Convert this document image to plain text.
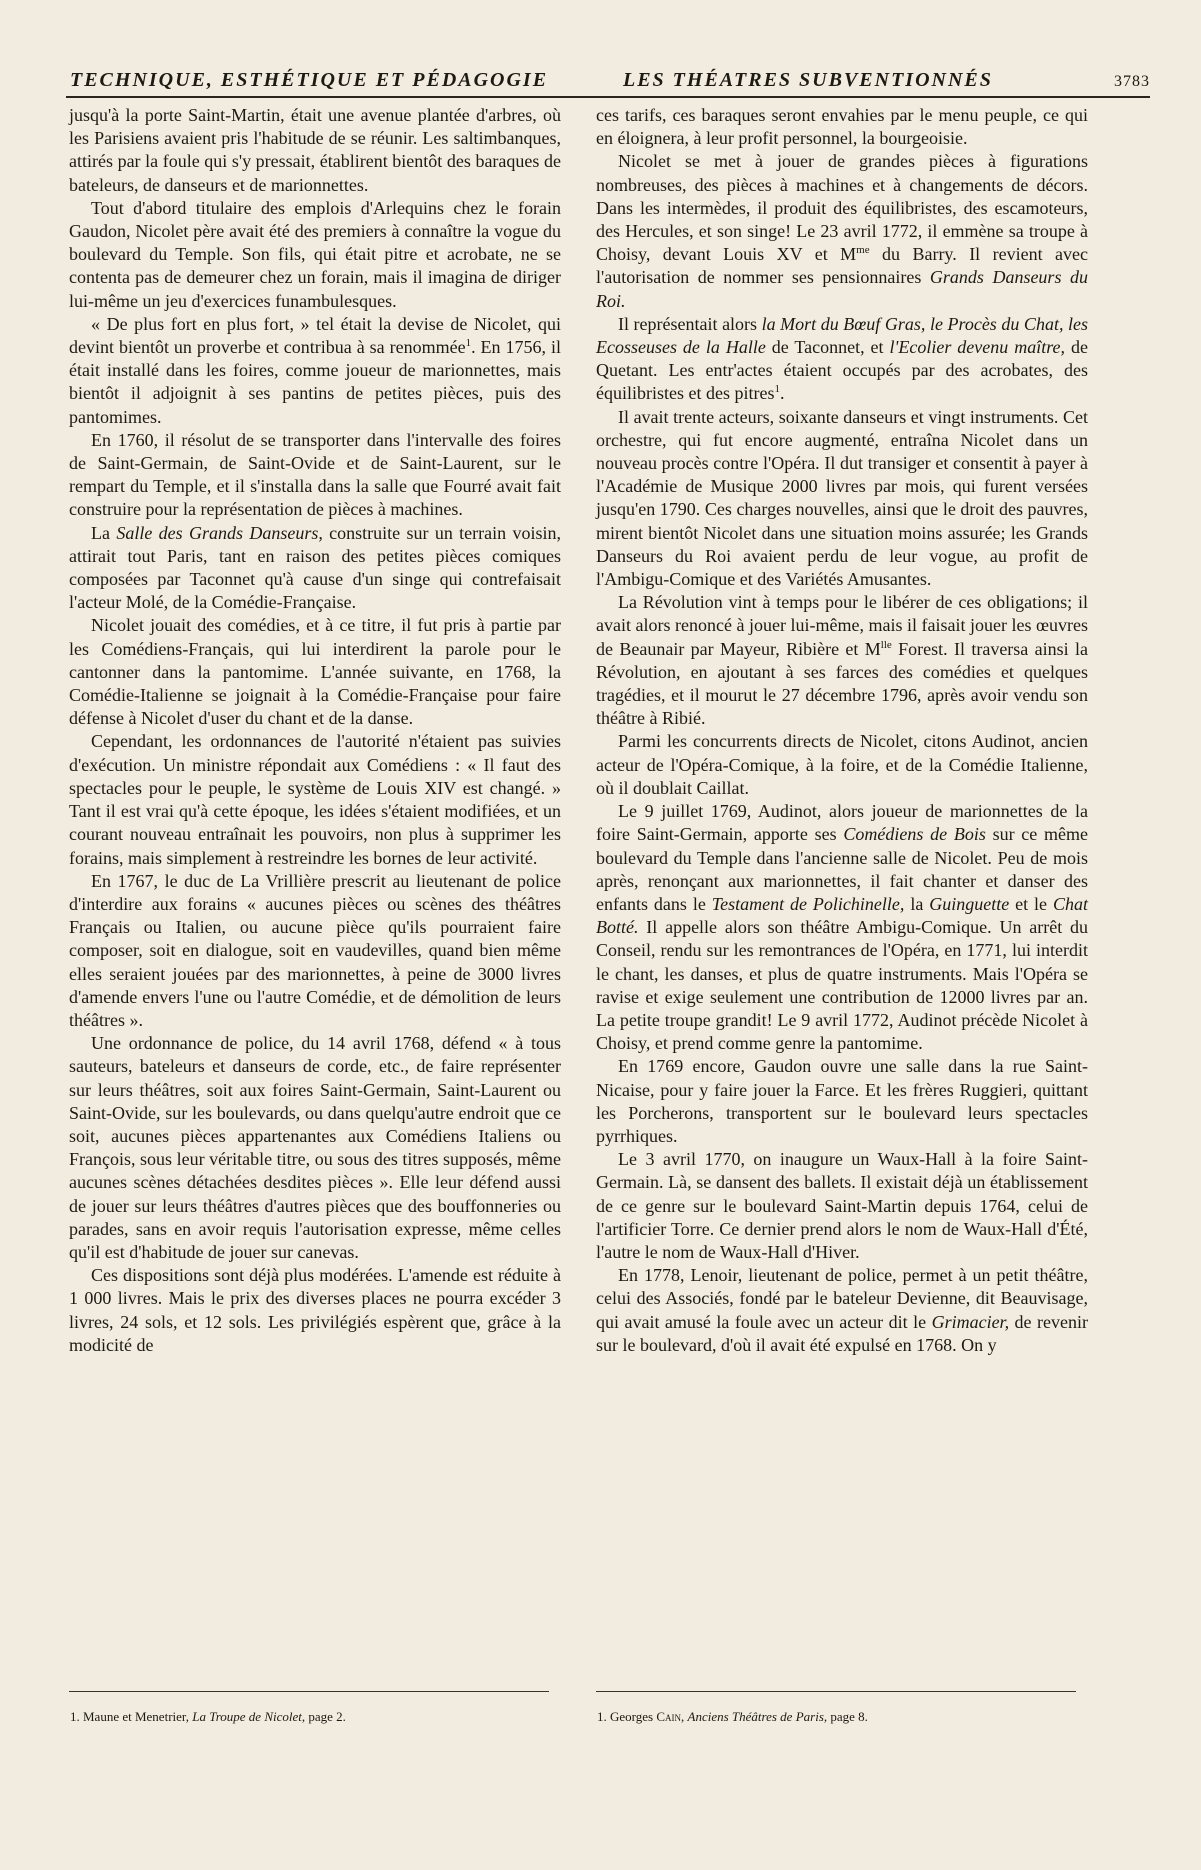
TECHNIQUE, ESTHÉTIQUE ET PÉDAGOGIE	LES THÉATRES SUBVENTIONNÉS	3783

jusqu'à la porte Saint-Martin, était une avenue plantée d'arbres, où les Parisiens avaient pris l'habitude de se réunir. Les saltimbanques, attirés par la foule qui s'y pressait, établirent bientôt des baraques de bateleurs, de danseurs et de marionnettes.

Tout d'abord titulaire des emplois d'Arlequins chez le forain Gaudon, Nicolet père avait été des premiers à connaître la vogue du boulevard du Temple. Son fils, qui était pitre et acrobate, ne se contenta pas de demeurer chez un forain, mais il imagina de diriger lui-même un jeu d'exercices funambulesques.

« De plus fort en plus fort, » tel était la devise de Nicolet, qui devint bientôt un proverbe et contribua à sa renommée$^1$. En 1756, il était installé dans les foires, comme joueur de marionnettes, mais bientôt il adjoignit à ses pantins de petites pièces, puis des pantomimes.

En 1760, il résolut de se transporter dans l'intervalle des foires de Saint-Germain, de Saint-Ovide et de Saint-Laurent, sur le rempart du Temple, et il s'installa dans la salle que Fourré avait fait construire pour la représentation de pièces à machines.

La Salle des Grands Danseurs, construite sur un terrain voisin, attirait tout Paris, tant en raison des petites pièces comiques composées par Taconnet qu'à cause d'un singe qui contrefaisait l'acteur Molé, de la Comédie-Française.

Nicolet jouait des comédies, et à ce titre, il fut pris à partie par les Comédiens-Français, qui lui interdirent la parole pour le cantonner dans la pantomime. L'année suivante, en 1768, la Comédie-Italienne se joignait à la Comédie-Française pour faire défense à Nicolet d'user du chant et de la danse.

Cependant, les ordonnances de l'autorité n'étaient pas suivies d'exécution. Un ministre répondait aux Comédiens : « Il faut des spectacles pour le peuple, le système de Louis XIV est changé. » Tant il est vrai qu'à cette époque, les idées s'étaient modifiées, et un courant nouveau entraînait les pouvoirs, non plus à supprimer les forains, mais simplement à restreindre les bornes de leur activité.

En 1767, le duc de La Vrillière prescrit au lieutenant de police d'interdire aux forains « aucunes pièces ou scènes des théâtres Français ou Italien, ou aucune pièce qu'ils pourraient faire composer, soit en dialogue, soit en vaudevilles, quand bien même elles seraient jouées par des marionnettes, à peine de 3000 livres d'amende envers l'une ou l'autre Comédie, et de démolition de leurs théâtres ».

Une ordonnance de police, du 14 avril 1768, défend « à tous sauteurs, bateleurs et danseurs de corde, etc., de faire représenter sur leurs théâtres, soit aux foires Saint-Germain, Saint-Laurent ou Saint-Ovide, sur les boulevards, ou dans quelqu'autre endroit que ce soit, aucunes pièces appartenantes aux Comédiens Italiens ou François, sous leur véritable titre, ou sous des titres supposés, même aucunes scènes détachées desdites pièces ». Elle leur défend aussi de jouer sur leurs théâtres d'autres pièces que des bouffonneries ou parades, sans en avoir requis l'autorisation expresse, même celles qu'il est d'habitude de jouer sur canevas.

Ces dispositions sont déjà plus modérées. L'amende est réduite à 1 000 livres. Mais le prix des diverses places ne pourra excéder 3 livres, 24 sols, et 12 sols. Les privilégiés espèrent que, grâce à la modicité de

ces tarifs, ces baraques seront envahies par le menu peuple, ce qui en éloignera, à leur profit personnel, la bourgeoisie.

Nicolet se met à jouer de grandes pièces à figurations nombreuses, des pièces à machines et à changements de décors. Dans les intermèdes, il produit des équilibristes, des escamoteurs, des Hercules, et son singe! Le 23 avril 1772, il emmène sa troupe à Choisy, devant Louis XV et $M^{me}$ du Barry. Il revient avec l'autorisation de nommer ses pensionnaires Grands Danseurs du Roi.

Il représentait alors la Mort du Bœuf Gras, le Procès du Chat, les Ecosseuses de la Halle de Taconnet, et l'Ecolier devenu maître, de Quetant. Les entr'actes étaient occupés par des acrobates, des équilibristes et des pitres$^1$.

Il avait trente acteurs, soixante danseurs et vingt instruments. Cet orchestre, qui fut encore augmenté, entraîna Nicolet dans un nouveau procès contre l'Opéra. Il dut transiger et consentit à payer à l'Académie de Musique 2000 livres par mois, qui furent versées jusqu'en 1790. Ces charges nouvelles, ainsi que le droit des pauvres, mirent bientôt Nicolet dans une situation moins assurée; les Grands Danseurs du Roi avaient perdu de leur vogue, au profit de l'Ambigu-Comique et des Variétés Amusantes.

La Révolution vint à temps pour le libérer de ces obligations; il avait alors renoncé à jouer lui-même, mais il faisait jouer les œuvres de Beaunair par Mayeur, Ribière et $M^{lle}$ Forest. Il traversa ainsi la Révolution, en ajoutant à ses farces des comédies et quelques tragédies, et il mourut le 27 décembre 1796, après avoir vendu son théâtre à Ribié.

Parmi les concurrents directs de Nicolet, citons Audinot, ancien acteur de l'Opéra-Comique, à la foire, et de la Comédie Italienne, où il doublait Caillat.

Le 9 juillet 1769, Audinot, alors joueur de marionnettes de la foire Saint-Germain, apporte ses Comédiens de Bois sur ce même boulevard du Temple dans l'ancienne salle de Nicolet. Peu de mois après, renonçant aux marionnettes, il fait chanter et danser des enfants dans le Testament de Polichinelle, la Guinguette et le Chat Botté. Il appelle alors son théâtre Ambigu-Comique. Un arrêt du Conseil, rendu sur les remontrances de l'Opéra, en 1771, lui interdit le chant, les danses, et plus de quatre instruments. Mais l'Opéra se ravise et exige seulement une contribution de 12000 livres par an. La petite troupe grandit! Le 9 avril 1772, Audinot précède Nicolet à Choisy, et prend comme genre la pantomime.

En 1769 encore, Gaudon ouvre une salle dans la rue Saint-Nicaise, pour y faire jouer la Farce. Et les frères Ruggieri, quittant les Porcherons, transportent sur le boulevard leurs spectacles pyrrhiques.

Le 3 avril 1770, on inaugure un Waux-Hall à la foire Saint-Germain. Là, se dansent des ballets. Il existait déjà un établissement de ce genre sur le boulevard Saint-Martin depuis 1764, celui de l'artificier Torre. Ce dernier prend alors le nom de Waux-Hall d'Été, l'autre le nom de Waux-Hall d'Hiver.

En 1778, Lenoir, lieutenant de police, permet à un petit théâtre, celui des Associés, fondé par le bateleur Devienne, dit Beauvisage, qui avait amusé la foule avec un acteur dit le Grimacier, de revenir sur le boulevard, d'où il avait été expulsé en 1768. On y

1. Maune et Menetrier, La Troupe de Nicolet, page 2.	1. Georges Cain, Anciens Théâtres de Paris, page 8.
